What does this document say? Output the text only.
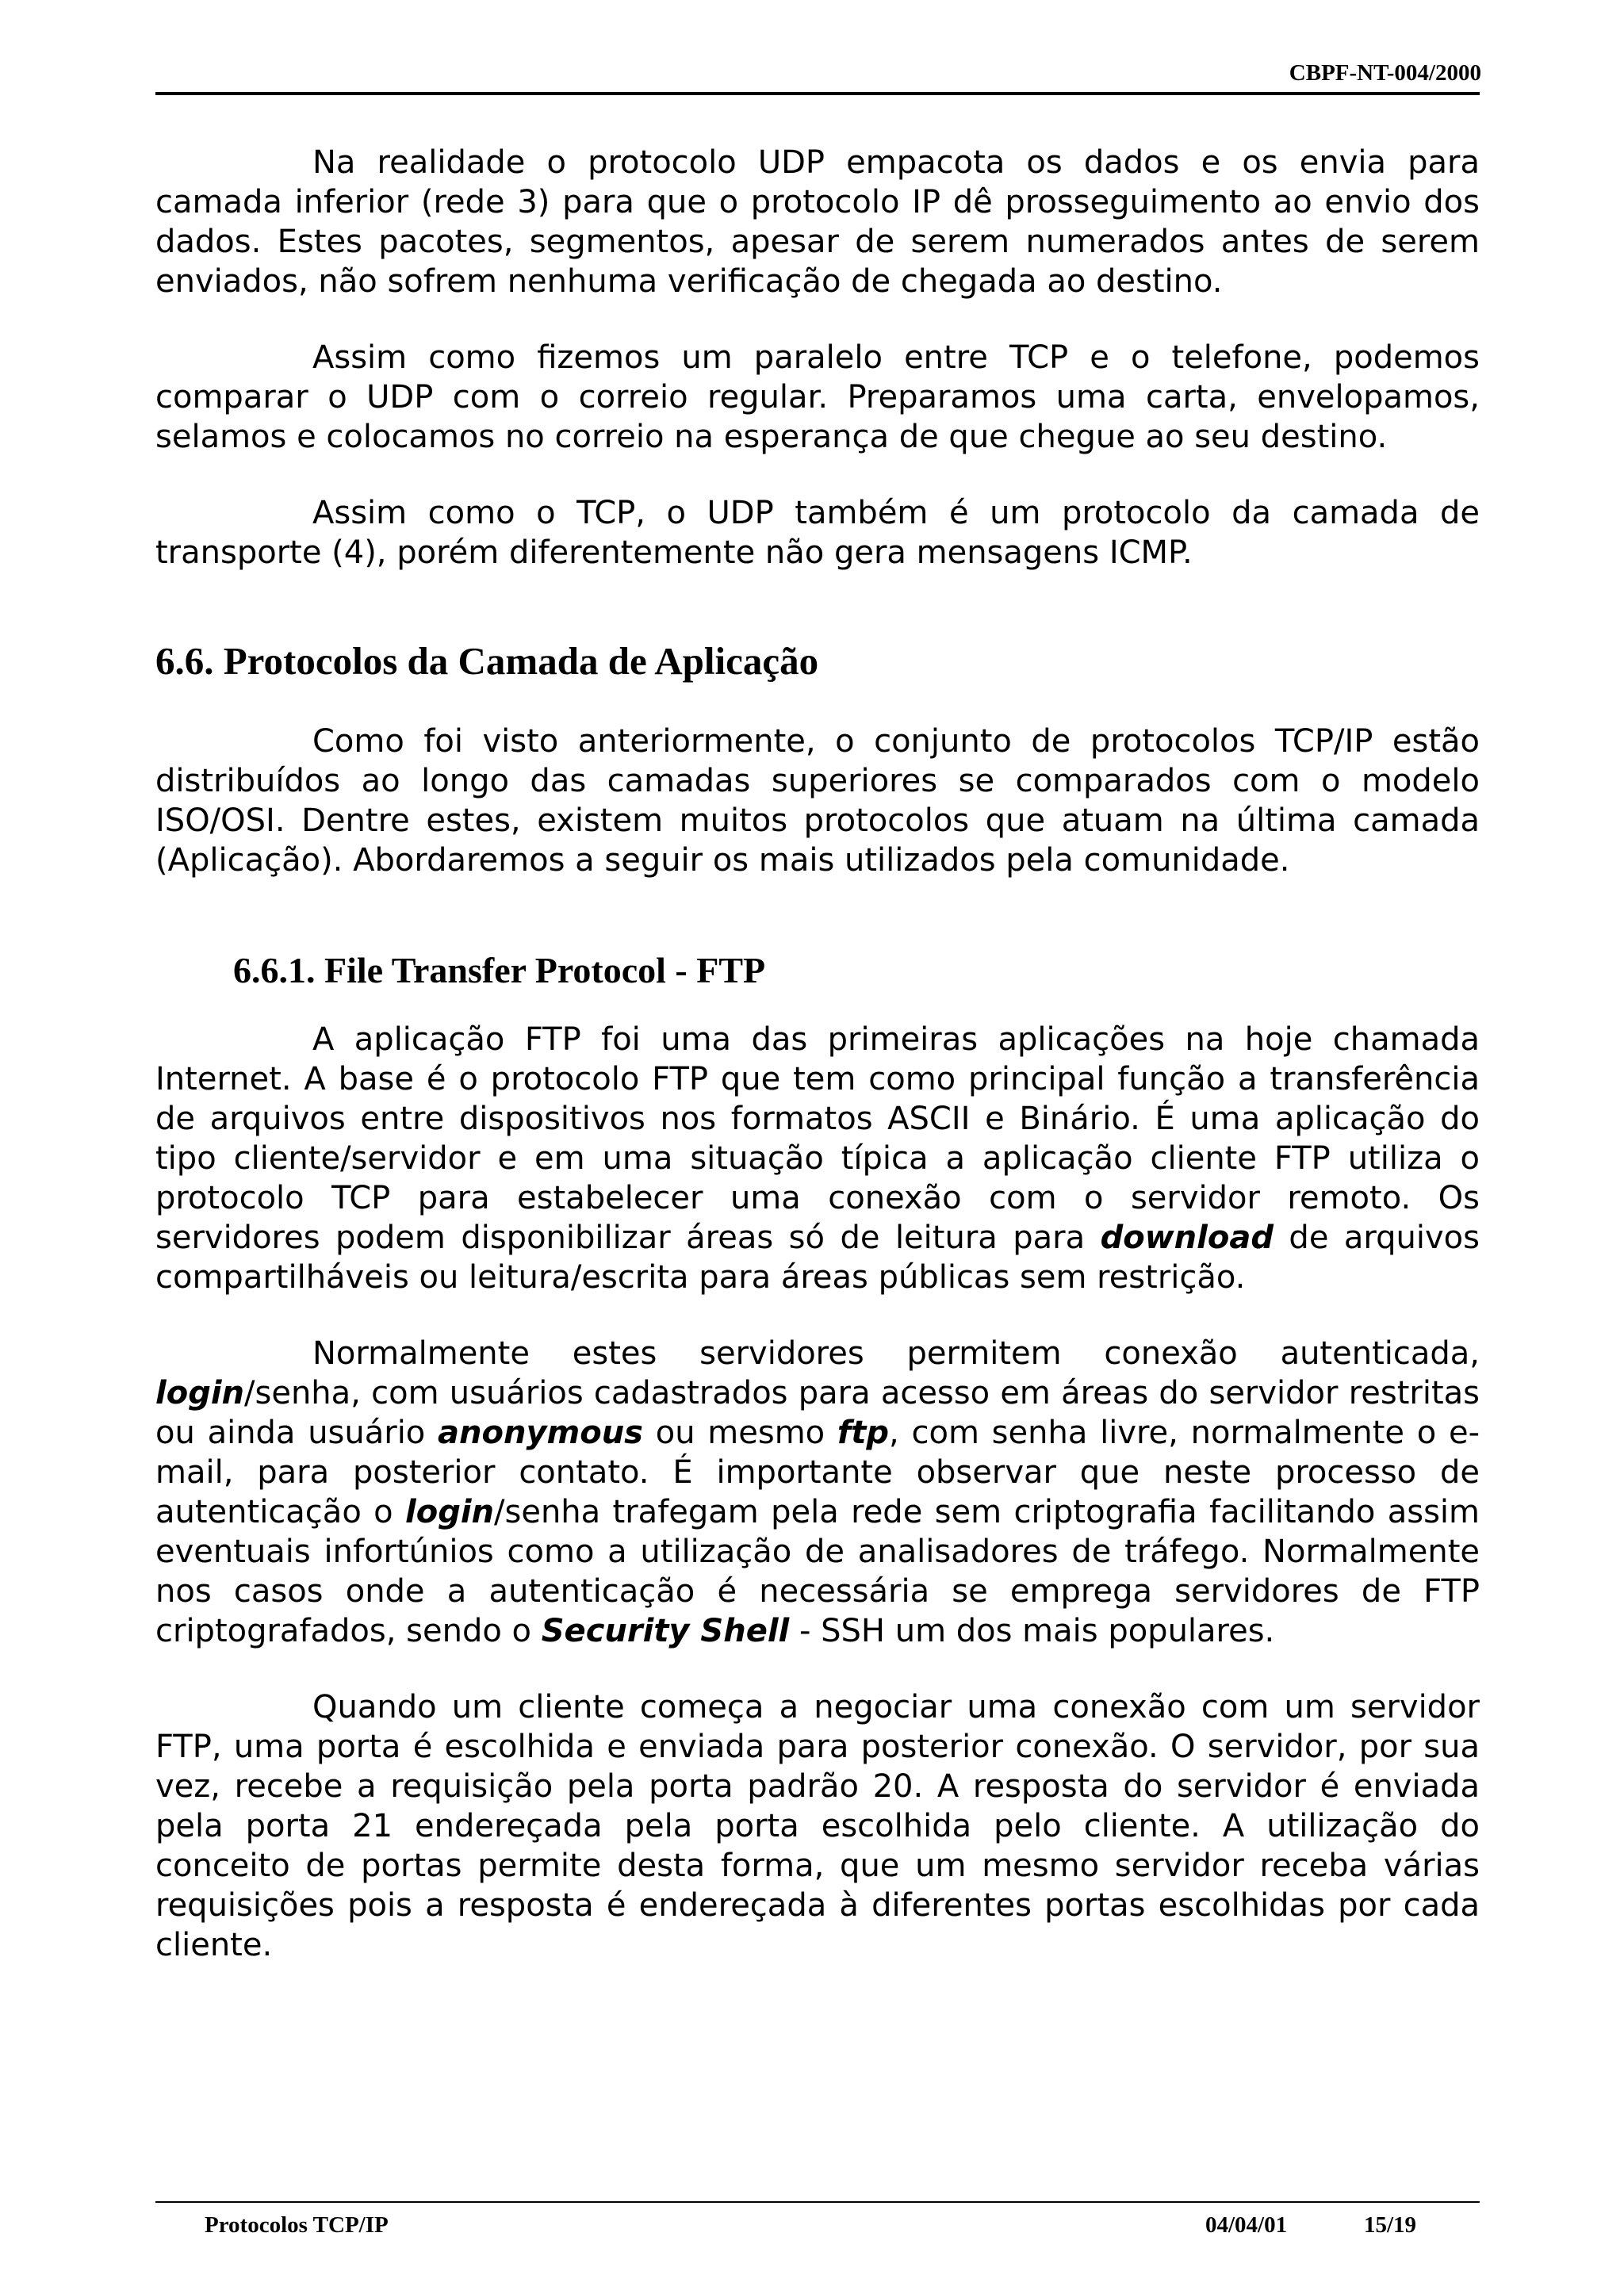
CBPF-NT-004/2000

Na realidade o protocolo UDP empacota os dados e os envia para camada inferior (rede 3) para que o protocolo IP dê prosseguimento ao envio dos dados. Estes pacotes, segmentos, apesar de serem numerados antes de serem enviados, não sofrem nenhuma verificação de chegada ao destino.

Assim como fizemos um paralelo entre TCP e o telefone, podemos comparar o UDP com o correio regular. Preparamos uma carta, envelopamos, selamos e colocamos no correio na esperança de que chegue ao seu destino.

Assim como o TCP, o UDP também é um protocolo da camada de transporte (4), porém diferentemente não gera mensagens ICMP.

6.6. Protocolos da Camada de Aplicação

Como foi visto anteriormente, o conjunto de protocolos TCP/IP estão distribuídos ao longo das camadas superiores se comparados com o modelo ISO/OSI. Dentre estes, existem muitos protocolos que atuam na última camada (Aplicação). Abordaremos a seguir os mais utilizados pela comunidade.

6.6.1. File Transfer Protocol - FTP

A aplicação FTP foi uma das primeiras aplicações na hoje chamada Internet. A base é o protocolo FTP que tem como principal função a transferência de arquivos entre dispositivos nos formatos ASCII e Binário. É uma aplicação do tipo cliente/servidor e em uma situação típica a aplicação cliente FTP utiliza o protocolo TCP para estabelecer uma conexão com o servidor remoto. Os servidores podem disponibilizar áreas só de leitura para download de arquivos compartilháveis ou leitura/escrita para áreas públicas sem restrição.

Normalmente estes servidores permitem conexão autenticada, login/senha, com usuários cadastrados para acesso em áreas do servidor restritas ou ainda usuário anonymous ou mesmo ftp, com senha livre, normalmente o e-mail, para posterior contato. É importante observar que neste processo de autenticação o login/senha trafegam pela rede sem criptografia facilitando assim eventuais infortúnios como a utilização de analisadores de tráfego. Normalmente nos casos onde a autenticação é necessária se emprega servidores de FTP criptografados, sendo o Security Shell - SSH um dos mais populares.

Quando um cliente começa a negociar uma conexão com um servidor FTP, uma porta é escolhida e enviada para posterior conexão. O servidor, por sua vez, recebe a requisição pela porta padrão 20. A resposta do servidor é enviada pela porta 21 endereçada pela porta escolhida pelo cliente. A utilização do conceito de portas permite desta forma, que um mesmo servidor receba várias requisições pois a resposta é endereçada à diferentes portas escolhidas por cada cliente.

Protocolos TCP/IP	04/04/01	15/19
